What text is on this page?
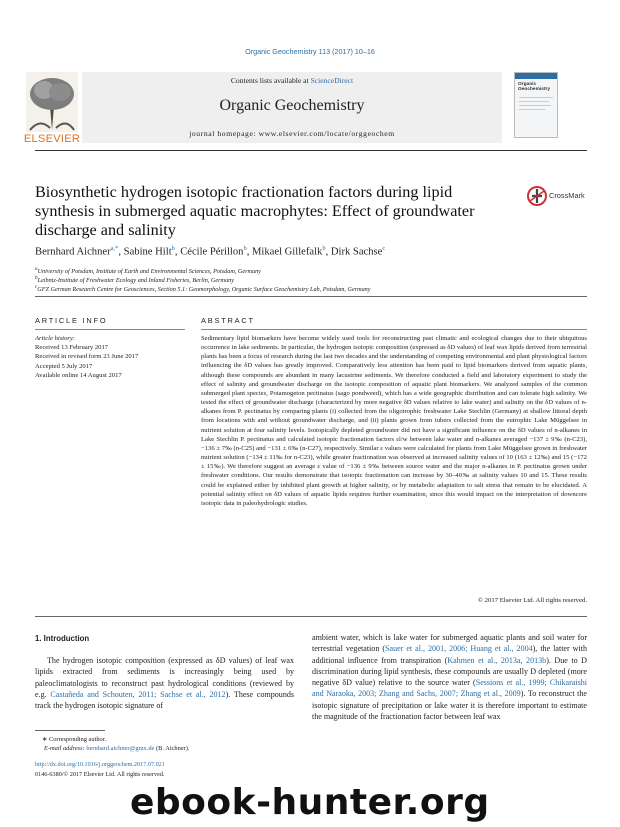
Organic Geochemistry 113 (2017) 10–16
Contents lists available at ScienceDirect
Organic Geochemistry
journal homepage: www.elsevier.com/locate/orggeochem
ELSEVIER
Organic
Geochemistry
Biosynthetic hydrogen isotopic fractionation factors during lipid
synthesis in submerged aquatic macrophytes: Effect of groundwater
discharge and salinity
CrossMark
Bernhard Aichner$^{a,*}$, Sabine Hilt$^b$, Cécile Périllon$^b$, Mikael Gillefalk$^b$, Dirk Sachse$^c$
$^a$University of Potsdam, Institute of Earth and Environmental Sciences, Potsdam, Germany
$^b$Leibniz-Institute of Freshwater Ecology and Inland Fisheries, Berlin, Germany
$^c$GFZ German Research Centre for Geosciences, Section 5.1: Geomorphology, Organic Surface Geochemistry Lab, Potsdam, Germany
ARTICLE INFO
Article history:
Received 13 February 2017
Received in revised form 23 June 2017
Accepted 5 July 2017
Available online 14 August 2017
ABSTRACT
Sedimentary lipid biomarkers have become widely used tools for reconstructing past climatic and ecological changes due to their ubiquitous occurrence in lake sediments. In particular, the hydrogen isotopic composition (expressed as δD values) of leaf wax lipids derived from terrestrial plants has been a focus of research during the last two decades and the understanding of competing environmental and plant physiological factors influencing the δD values has greatly improved. Comparatively less attention has been paid to lipid biomarkers derived from aquatic plants, although these compounds are abundant in many lacustrine sediments. We therefore conducted a field and laboratory experiment to study the effect of salinity and groundwater discharge on the isotopic composition of aquatic plant biomarkers. We analyzed samples of the common submerged plant species, Potamogeton pectinatus (sago pondweed), which has a wide geographic distribution and can tolerate high salinity. We tested the effect of groundwater discharge (characterized by more negative δD values relative to lake water) and salinity on the δD values of n-alkanes from P. pectinatus by comparing plants (i) collected from the oligotrophic freshwater Lake Stechlin (Germany) at shallow littoral depth from locations with and without groundwater discharge, and (ii) plants grown from tubers collected from the eutrophic Lake Müggelsee in nutrient solution at four salinity levels. Isotopically depleted groundwater did not have a significant influence on the δD values of n-alkanes in Lake Stechlin P. pectinatus and calculated isotopic fractionation factors εl/w between lake water and n-alkanes averaged −137 ± 9‰ (n-C23), −136 ± 7‰ (n-C25) and −131 ± 6‰ (n-C27), respectively. Similar ε values were calculated for plants from Lake Müggelsee grown in freshwater nutrient solution (−134 ± 11‰ for n-C23), while greater fractionation was observed at increased salinity values of 10 (163 ± 12‰) and 15 (−172 ± 15‰). We therefore suggest an average ε value of −136 ± 9‰ between source water and the major n-alkanes in P. pectinatus grown under freshwater conditions. Our results demonstrate that isotopic fractionation can increase by 30–40‰ at salinity values 10 and 15. These results could be explained either by inhibited plant growth at higher salinity, or by metabolic adaptation to salt stress that remain to be elucidated. A potential salinity effect on δD values of aquatic lipids requires further examination, since this would impact on the interpretation of downcore isotopic data in paleohydrologic studies.
© 2017 Elsevier Ltd. All rights reserved.
1. Introduction
The hydrogen isotopic composition (expressed as δD values) of leaf wax lipids extracted from sediments is increasingly being used by paleoclimatologists to reconstruct past hydrological conditions (reviewed by e.g. Castañeda and Schouten, 2011; Sachse et al., 2012). These compounds track the hydrogen isotopic signature of
ambient water, which is lake water for submerged aquatic plants and soil water for terrestrial vegetation (Sauer et al., 2001, 2006; Huang et al., 2004), the latter with additional influence from transpiration (Kahmen et al., 2013a, 2013b). Due to D discrimination during lipid synthesis, these compounds are usually D depleted (more negative δD value) relative to the source water (Sessions et al., 1999; Chikaraishi and Naraoka, 2003; Zhang and Sachs, 2007; Zhang et al., 2009). To reconstruct the isotopic signature of precipitation or lake water it is therefore important to estimate the magnitude of the fractionation factor between leaf wax
∗ Corresponding author.
E-mail address: bernhard.aichner@gmx.de (B. Aichner).
http://dx.doi.org/10.1016/j.orggeochem.2017.07.021
0146-6380/© 2017 Elsevier Ltd. All rights reserved.
ebook-hunter.org
